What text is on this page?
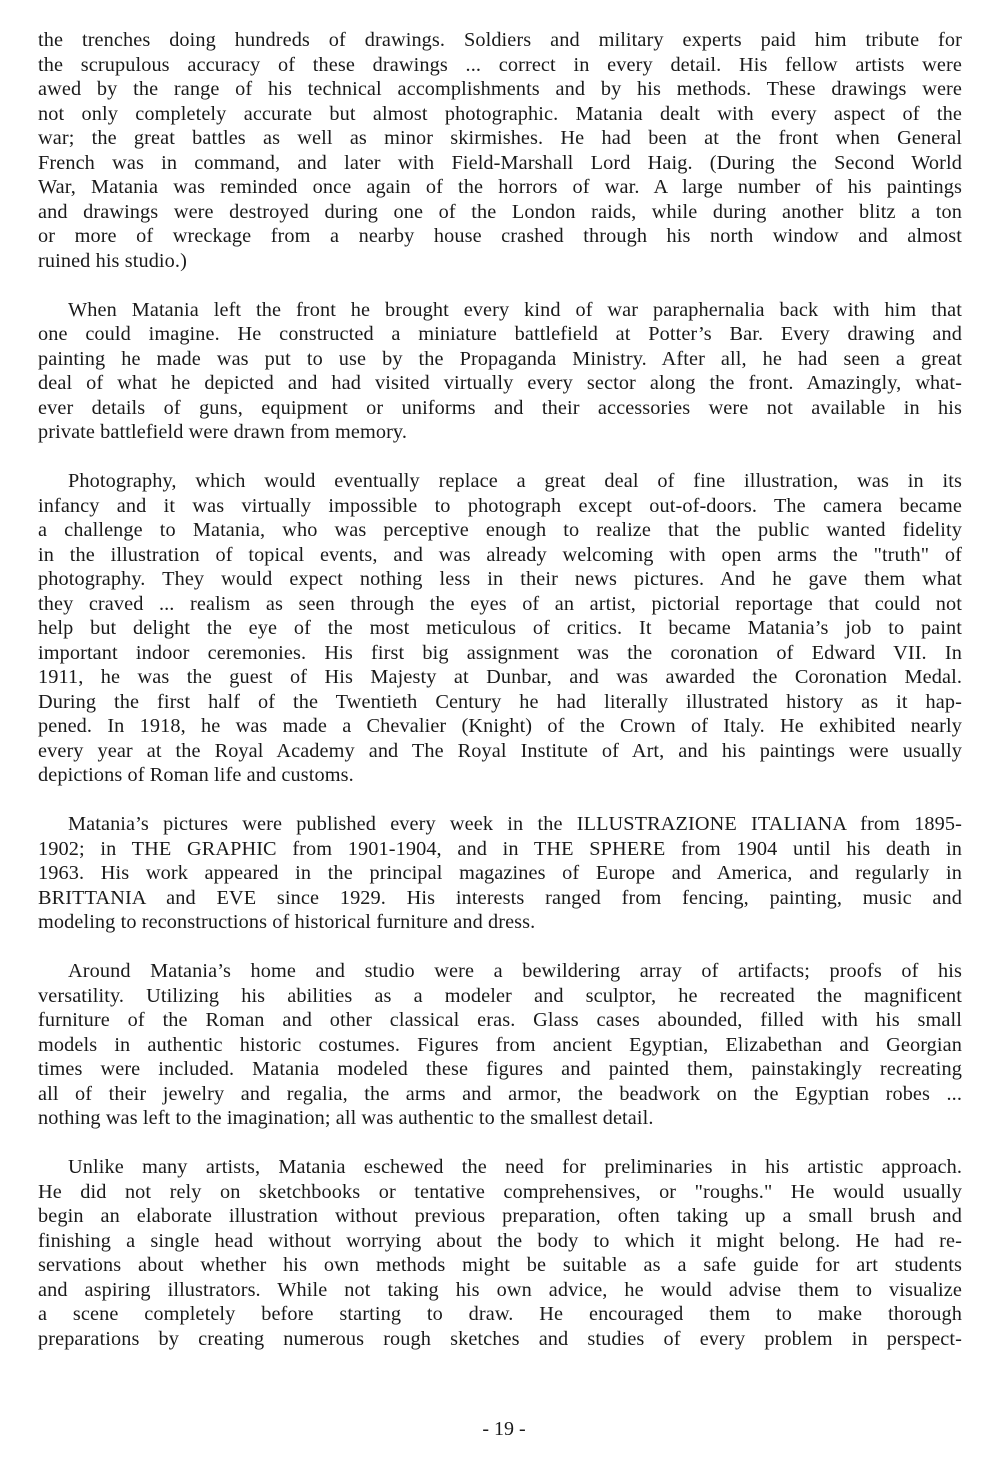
the trenches doing hundreds of drawings. Soldiers and military experts paid him tribute for
the scrupulous accuracy of these drawings ... correct in every detail. His fellow artists were
awed by the range of his technical accomplishments and by his methods. These drawings were
not only completely accurate but almost photographic. Matania dealt with every aspect of the
war; the great battles as well as minor skirmishes. He had been at the front when General
French was in command, and later with Field-Marshall Lord Haig. (During the Second World
War, Matania was reminded once again of the horrors of war. A large number of his paintings
and drawings were destroyed during one of the London raids, while during another blitz a ton
or more of wreckage from a nearby house crashed through his north window and almost
ruined his studio.)
When Matania left the front he brought every kind of war paraphernalia back with him that
one could imagine. He constructed a miniature battlefield at Potter’s Bar. Every drawing and
painting he made was put to use by the Propaganda Ministry. After all, he had seen a great
deal of what he depicted and had visited virtually every sector along the front. Amazingly, what-
ever details of guns, equipment or uniforms and their accessories were not available in his
private battlefield were drawn from memory.
Photography, which would eventually replace a great deal of fine illustration, was in its
infancy and it was virtually impossible to photograph except out-of-doors. The camera became
a challenge to Matania, who was perceptive enough to realize that the public wanted fidelity
in the illustration of topical events, and was already welcoming with open arms the "truth" of
photography. They would expect nothing less in their news pictures. And he gave them what
they craved ... realism as seen through the eyes of an artist, pictorial reportage that could not
help but delight the eye of the most meticulous of critics. It became Matania’s job to paint
important indoor ceremonies. His first big assignment was the coronation of Edward VII. In
1911, he was the guest of His Majesty at Dunbar, and was awarded the Coronation Medal.
During the first half of the Twentieth Century he had literally illustrated history as it hap-
pened. In 1918, he was made a Chevalier (Knight) of the Crown of Italy. He exhibited nearly
every year at the Royal Academy and The Royal Institute of Art, and his paintings were usually
depictions of Roman life and customs.
Matania’s pictures were published every week in the ILLUSTRAZIONE ITALIANA from 1895-
1902; in THE GRAPHIC from 1901-1904, and in THE SPHERE from 1904 until his death in
1963. His work appeared in the principal magazines of Europe and America, and regularly in
BRITTANIA and EVE since 1929. His interests ranged from fencing, painting, music and
modeling to reconstructions of historical furniture and dress.
Around Matania’s home and studio were a bewildering array of artifacts; proofs of his
versatility. Utilizing his abilities as a modeler and sculptor, he recreated the magnificent
furniture of the Roman and other classical eras. Glass cases abounded, filled with his small
models in authentic historic costumes. Figures from ancient Egyptian, Elizabethan and Georgian
times were included. Matania modeled these figures and painted them, painstakingly recreating
all of their jewelry and regalia, the arms and armor, the beadwork on the Egyptian robes ...
nothing was left to the imagination; all was authentic to the smallest detail.
Unlike many artists, Matania eschewed the need for preliminaries in his artistic approach.
He did not rely on sketchbooks or tentative comprehensives, or "roughs." He would usually
begin an elaborate illustration without previous preparation, often taking up a small brush and
finishing a single head without worrying about the body to which it might belong. He had re-
servations about whether his own methods might be suitable as a safe guide for art students
and aspiring illustrators. While not taking his own advice, he would advise them to visualize
a scene completely before starting to draw. He encouraged them to make thorough
preparations by creating numerous rough sketches and studies of every problem in perspect-
- 19 -
